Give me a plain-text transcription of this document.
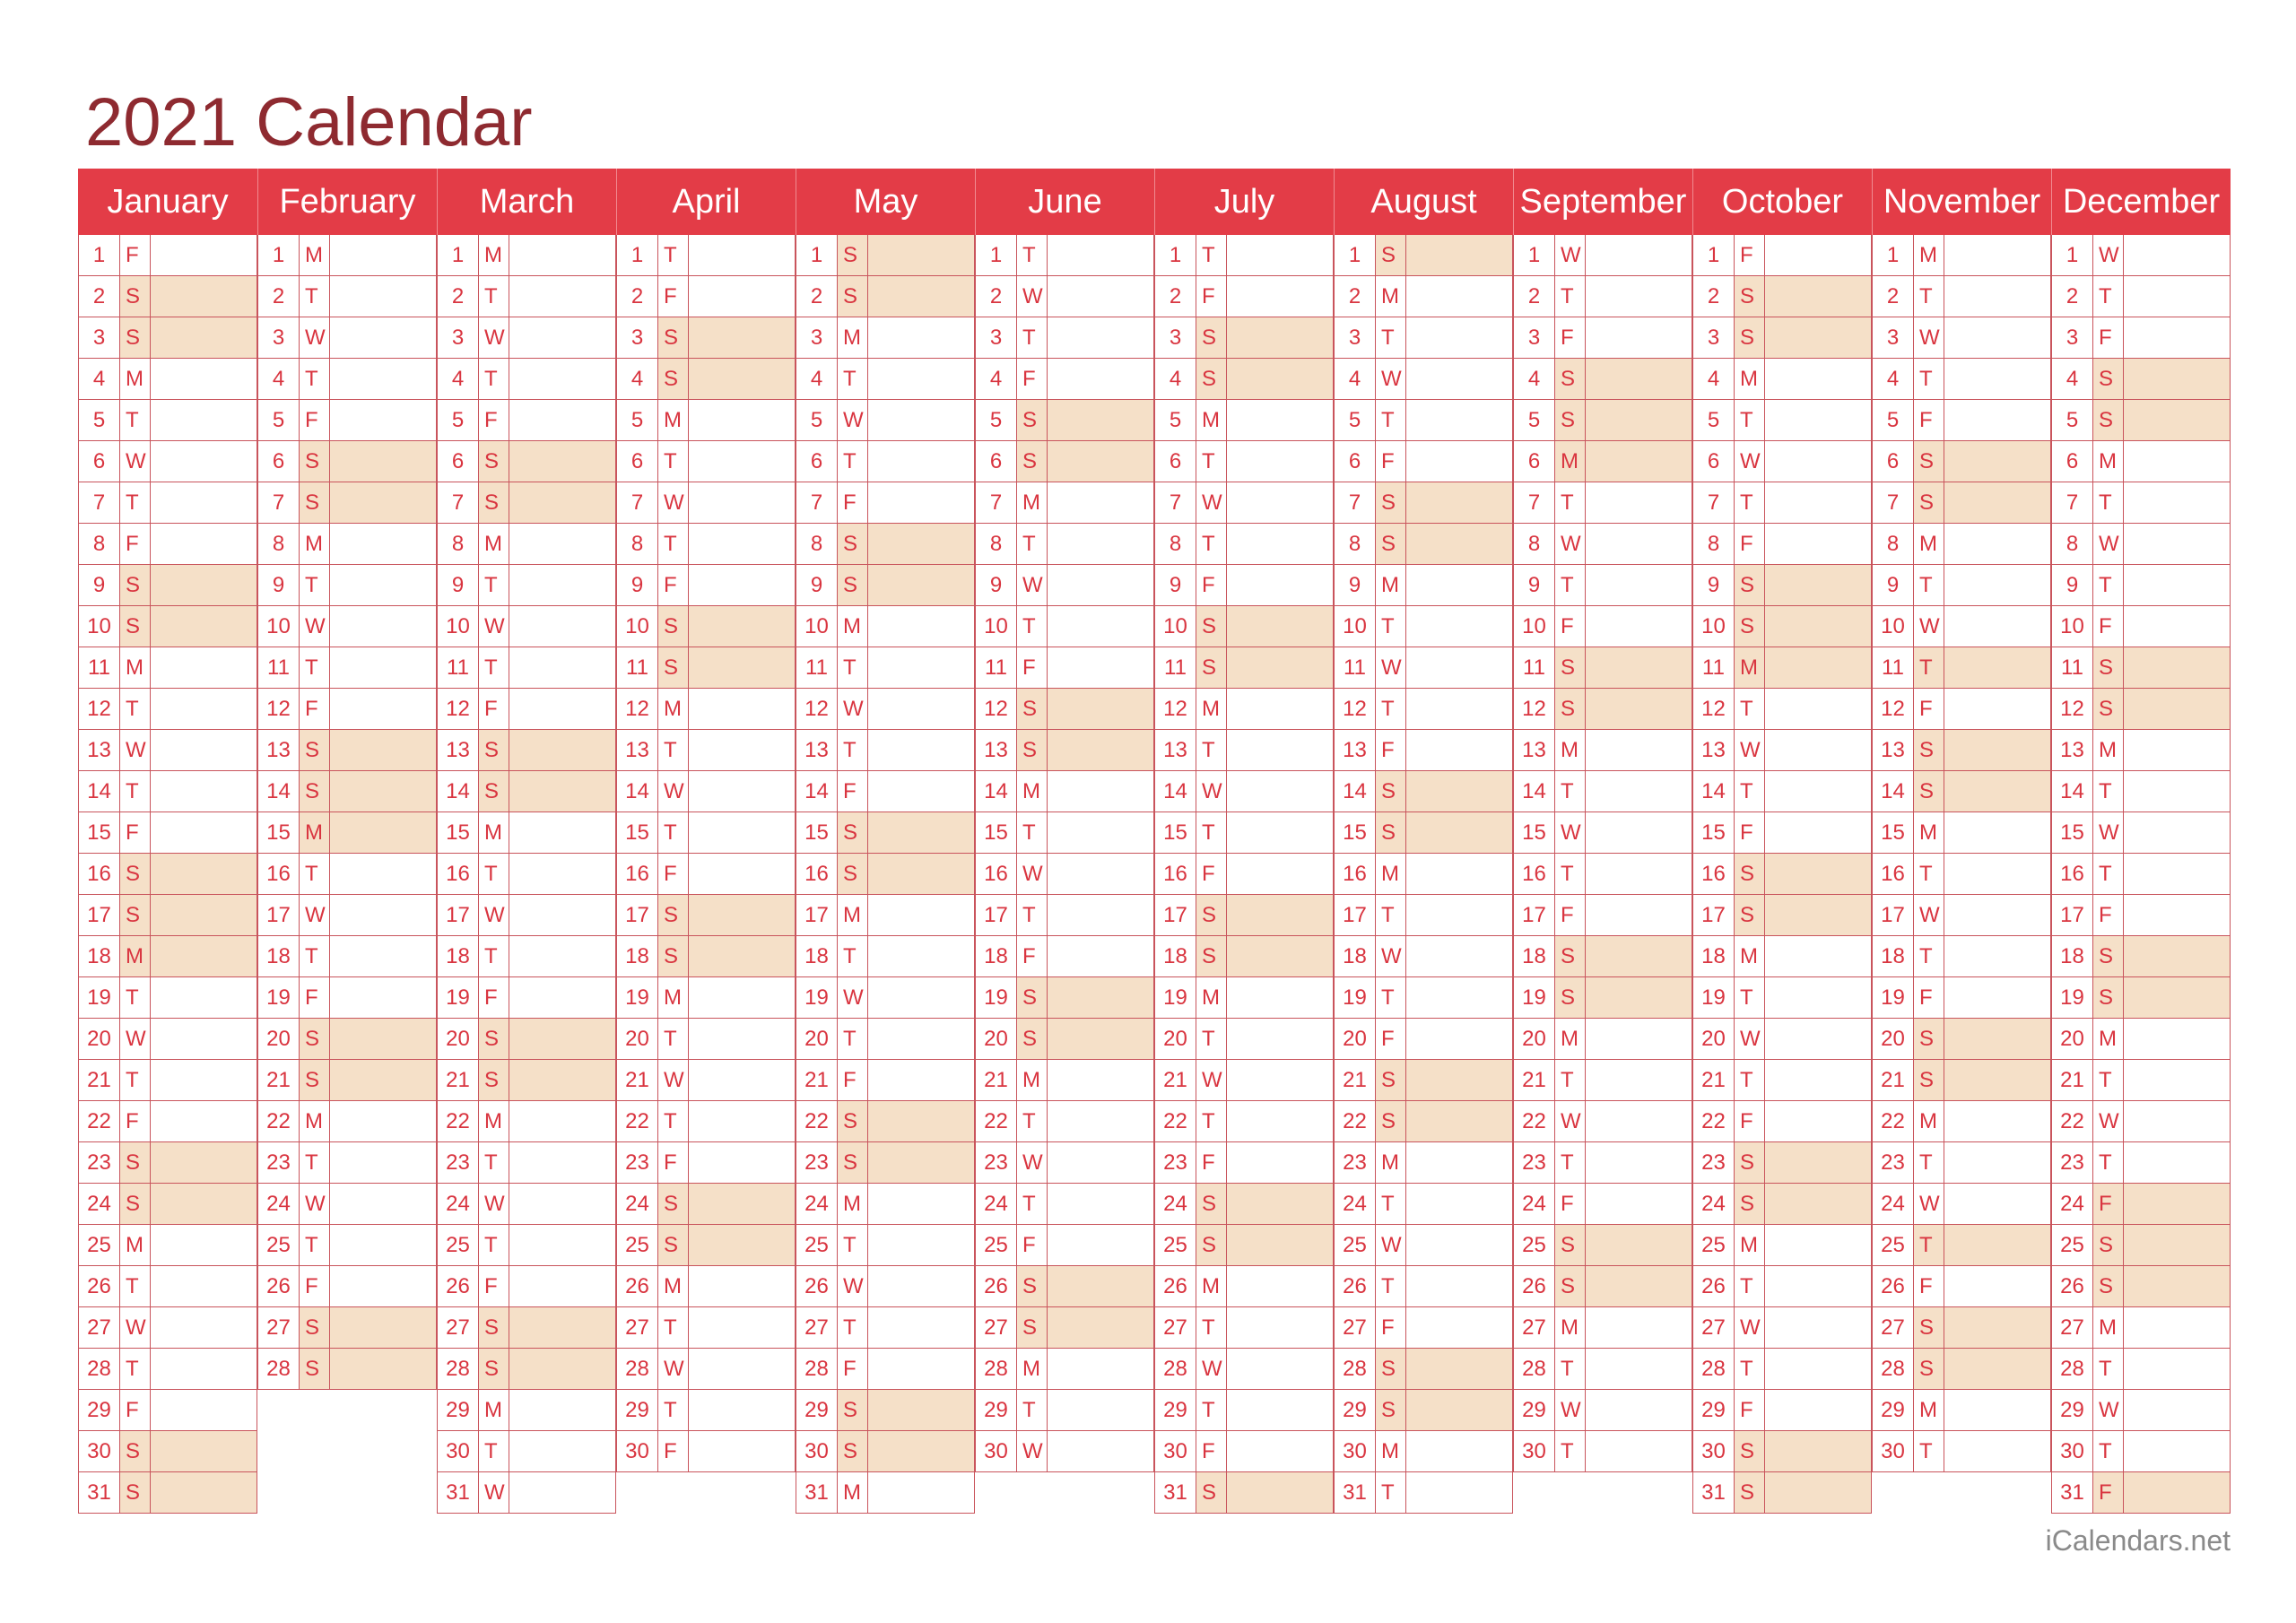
2021 Calendar
January
1 F
2 S
3 S
4 M
5 T
6 W
7 T
8 F
9 S
10 S
11 M
12 T
13 W
14 T
15 F
16 S
17 S
18 M
19 T
20 W
21 T
22 F
23 S
24 S
25 M
26 T
27 W
28 T
29 F
30 S
31 S
February
1 M
2 T
3 W
4 T
5 F
6 S
7 S
8 M
9 T
10 W
11 T
12 F
13 S
14 S
15 M
16 T
17 W
18 T
19 F
20 S
21 S
22 M
23 T
24 W
25 T
26 F
27 S
28 S
March
1 M
2 T
3 W
4 T
5 F
6 S
7 S
8 M
9 T
10 W
11 T
12 F
13 S
14 S
15 M
16 T
17 W
18 T
19 F
20 S
21 S
22 M
23 T
24 W
25 T
26 F
27 S
28 S
29 M
30 T
31 W
April
1 T
2 F
3 S
4 S
5 M
6 T
7 W
8 T
9 F
10 S
11 S
12 M
13 T
14 W
15 T
16 F
17 S
18 S
19 M
20 T
21 W
22 T
23 F
24 S
25 S
26 M
27 T
28 W
29 T
30 F
May
1 S
2 S
3 M
4 T
5 W
6 T
7 F
8 S
9 S
10 M
11 T
12 W
13 T
14 F
15 S
16 S
17 M
18 T
19 W
20 T
21 F
22 S
23 S
24 M
25 T
26 W
27 T
28 F
29 S
30 S
31 M
June
1 T
2 W
3 T
4 F
5 S
6 S
7 M
8 T
9 W
10 T
11 F
12 S
13 S
14 M
15 T
16 W
17 T
18 F
19 S
20 S
21 M
22 T
23 W
24 T
25 F
26 S
27 S
28 M
29 T
30 W
July
1 T
2 F
3 S
4 S
5 M
6 T
7 W
8 T
9 F
10 S
11 S
12 M
13 T
14 W
15 T
16 F
17 S
18 S
19 M
20 T
21 W
22 T
23 F
24 S
25 S
26 M
27 T
28 W
29 T
30 F
31 S
August
1 S
2 M
3 T
4 W
5 T
6 F
7 S
8 S
9 M
10 T
11 W
12 T
13 F
14 S
15 S
16 M
17 T
18 W
19 T
20 F
21 S
22 S
23 M
24 T
25 W
26 T
27 F
28 S
29 S
30 M
31 T
September
1 W
2 T
3 F
4 S
5 S
6 M
7 T
8 W
9 T
10 F
11 S
12 S
13 M
14 T
15 W
16 T
17 F
18 S
19 S
20 M
21 T
22 W
23 T
24 F
25 S
26 S
27 M
28 T
29 W
30 T
October
1 F
2 S
3 S
4 M
5 T
6 W
7 T
8 F
9 S
10 S
11 M
12 T
13 W
14 T
15 F
16 S
17 S
18 M
19 T
20 W
21 T
22 F
23 S
24 S
25 M
26 T
27 W
28 T
29 F
30 S
31 S
November
1 M
2 T
3 W
4 T
5 F
6 S
7 S
8 M
9 T
10 W
11 T
12 F
13 S
14 S
15 M
16 T
17 W
18 T
19 F
20 S
21 S
22 M
23 T
24 W
25 T
26 F
27 S
28 S
29 M
30 T
December
1 W
2 T
3 F
4 S
5 S
6 M
7 T
8 W
9 T
10 F
11 S
12 S
13 M
14 T
15 W
16 T
17 F
18 S
19 S
20 M
21 T
22 W
23 T
24 F
25 S
26 S
27 M
28 T
29 W
30 T
31 F
iCalendars.net
